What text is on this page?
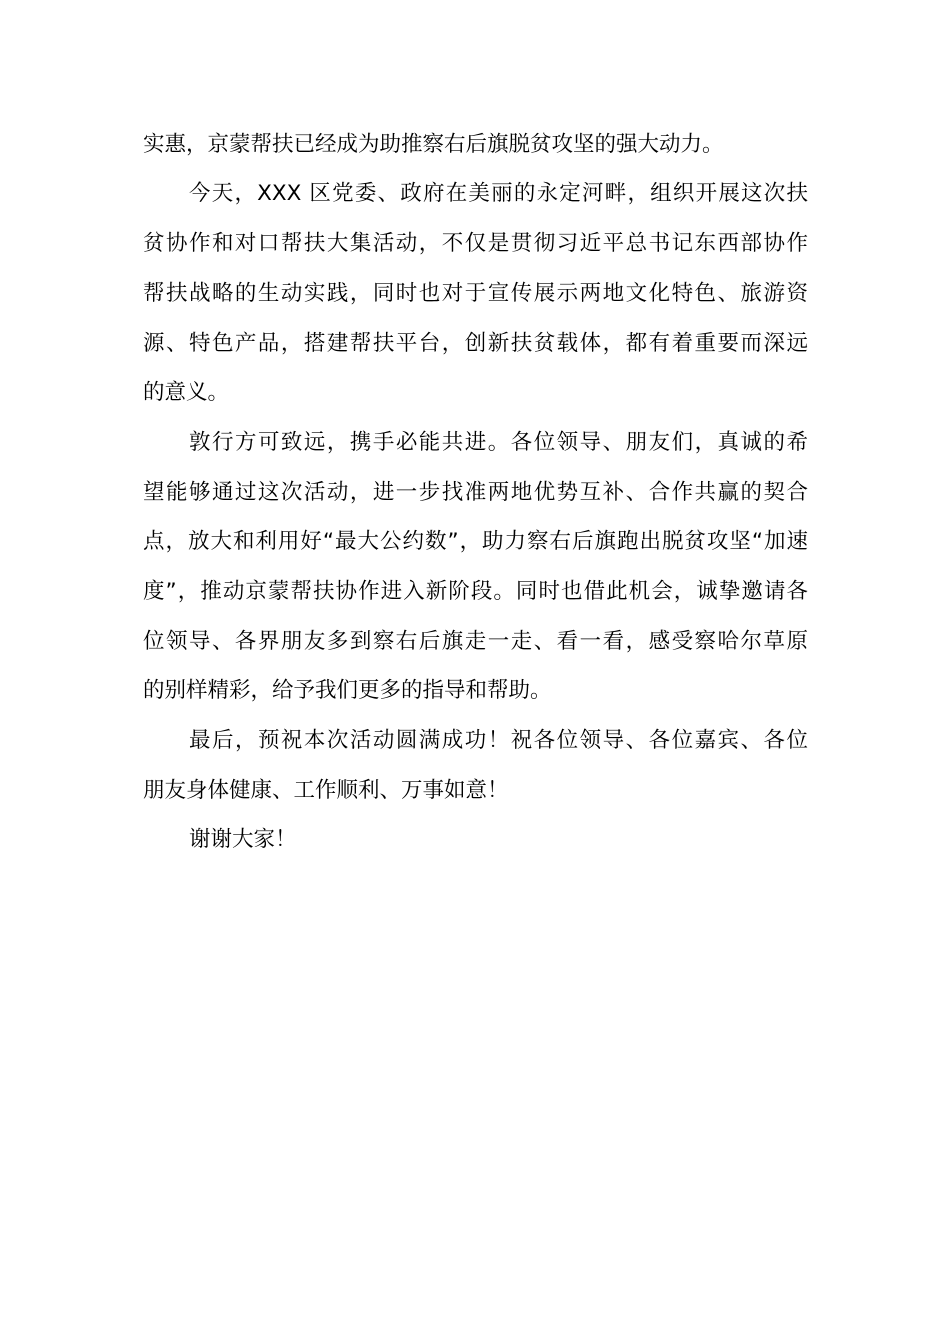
实惠，京蒙帮扶已经成为助推察右后旗脱贫攻坚的强大动力。
今天，XXX 区党委、政府在美丽的永定河畔，组织开展这次扶
贫协作和对口帮扶大集活动，不仅是贯彻习近平总书记东西部协作
帮扶战略的生动实践，同时也对于宣传展示两地文化特色、旅游资
源、特色产品，搭建帮扶平台，创新扶贫载体，都有着重要而深远
的意义。
敦行方可致远，携手必能共进。各位领导、朋友们，真诚的希
望能够通过这次活动，进一步找准两地优势互补、合作共赢的契合
点，放大和利用好“最大公约数”，助力察右后旗跑出脱贫攻坚“加速
度”，推动京蒙帮扶协作进入新阶段。同时也借此机会，诚挚邀请各
位领导、各界朋友多到察右后旗走一走、看一看，感受察哈尔草原
的别样精彩，给予我们更多的指导和帮助。
最后，预祝本次活动圆满成功！祝各位领导、各位嘉宾、各位
朋友身体健康、工作顺利、万事如意！
谢谢大家！
